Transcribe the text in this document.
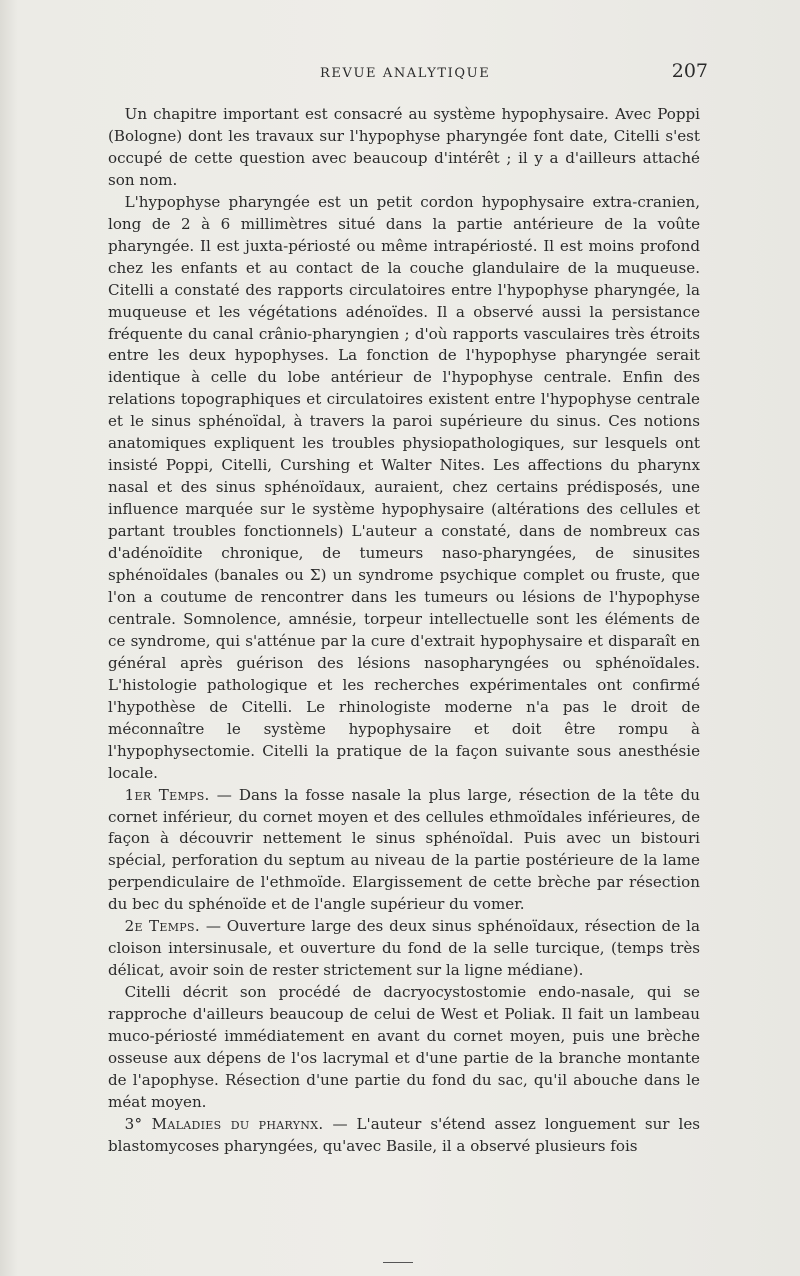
REVUE ANALYTIQUE	207

Un chapitre important est consacré au système hypophysaire. Avec Poppi (Bologne) dont les travaux sur l'hypophyse pharyngée font date, Citelli s'est occupé de cette question avec beaucoup d'intérêt ; il y a d'ailleurs attaché son nom.

L'hypophyse pharyngée est un petit cordon hypophysaire extra-cranien, long de 2 à 6 millimètres situé dans la partie antérieure de la voûte pharyngée. Il est juxta-périosté ou même intrapériosté. Il est moins profond chez les enfants et au contact de la couche glandulaire de la muqueuse. Citelli a constaté des rapports circulatoires entre l'hypophyse pharyngée, la muqueuse et les végétations adénoïdes. Il a observé aussi la persistance fréquente du canal crânio-pharyngien ; d'où rapports vasculaires très étroits entre les deux hypophyses. La fonction de l'hypophyse pharyngée serait identique à celle du lobe antérieur de l'hypophyse centrale. Enfin des relations topographiques et circulatoires existent entre l'hypophyse centrale et le sinus sphénoïdal, à travers la paroi supérieure du sinus. Ces notions anatomiques expliquent les troubles physiopathologiques, sur lesquels ont insisté Poppi, Citelli, Curshing et Walter Nites. Les affections du pharynx nasal et des sinus sphénoïdaux, auraient, chez certains prédisposés, une influence marquée sur le système hypophysaire (altérations des cellules et partant troubles fonctionnels) L'auteur a constaté, dans de nombreux cas d'adénoïdite chronique, de tumeurs naso-pharyngées, de sinusites sphénoïdales (banales ou Σ) un syndrome psychique complet ou fruste, que l'on a coutume de rencontrer dans les tumeurs ou lésions de l'hypophyse centrale. Somnolence, amnésie, torpeur intellectuelle sont les éléments de ce syndrome, qui s'atténue par la cure d'extrait hypophysaire et disparaît en général après guérison des lésions nasopharyngées ou sphénoïdales. L'histologie pathologique et les recherches expérimentales ont confirmé l'hypothèse de Citelli. Le rhinologiste moderne n'a pas le droit de méconnaître le système hypophysaire et doit être rompu à l'hypophysectomie. Citelli la pratique de la façon suivante sous anesthésie locale.

1er Temps. — Dans la fosse nasale la plus large, résection de la tête du cornet inférieur, du cornet moyen et des cellules ethmoïdales inférieures, de façon à découvrir nettement le sinus sphénoïdal. Puis avec un bistouri spécial, perforation du septum au niveau de la partie postérieure de la lame perpendiculaire de l'ethmoïde. Elargissement de cette brèche par résection du bec du sphénoïde et de l'angle supérieur du vomer.

2e Temps. — Ouverture large des deux sinus sphénoïdaux, résection de la cloison intersinusale, et ouverture du fond de la selle turcique, (temps très délicat, avoir soin de rester strictement sur la ligne médiane).

Citelli décrit son procédé de dacryocystostomie endo-nasale, qui se rapproche d'ailleurs beaucoup de celui de West et Poliak. Il fait un lambeau muco-périosté immédiatement en avant du cornet moyen, puis une brèche osseuse aux dépens de l'os lacrymal et d'une partie de la branche montante de l'apophyse. Résection d'une partie du fond du sac, qu'il abouche dans le méat moyen.

3° Maladies du pharynx. — L'auteur s'étend assez longuement sur les blastomycoses pharyngées, qu'avec Basile, il a observé plusieurs fois
